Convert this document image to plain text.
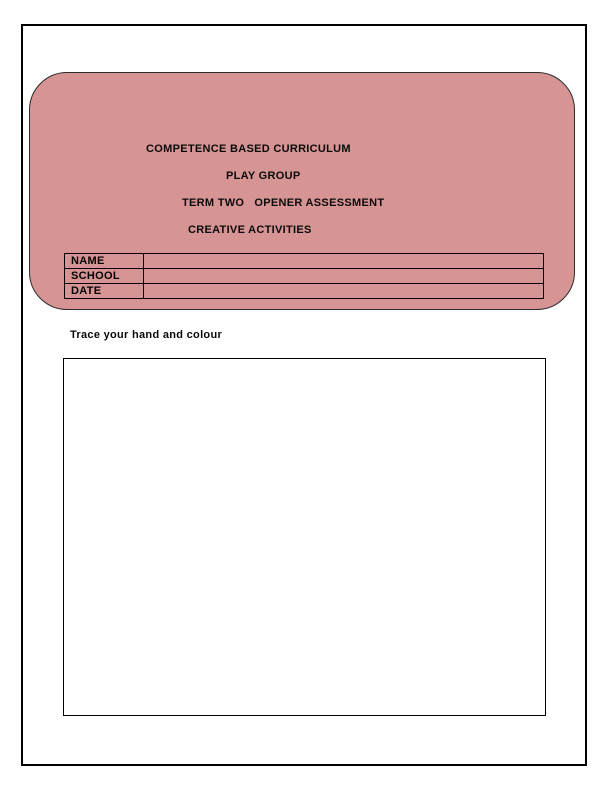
COMPETENCE BASED CURRICULUM
PLAY GROUP
TERM TWO   OPENER ASSESSMENT
CREATIVE ACTIVITIES
NAME	
SCHOOL	
DATE	
Trace your hand and colour
